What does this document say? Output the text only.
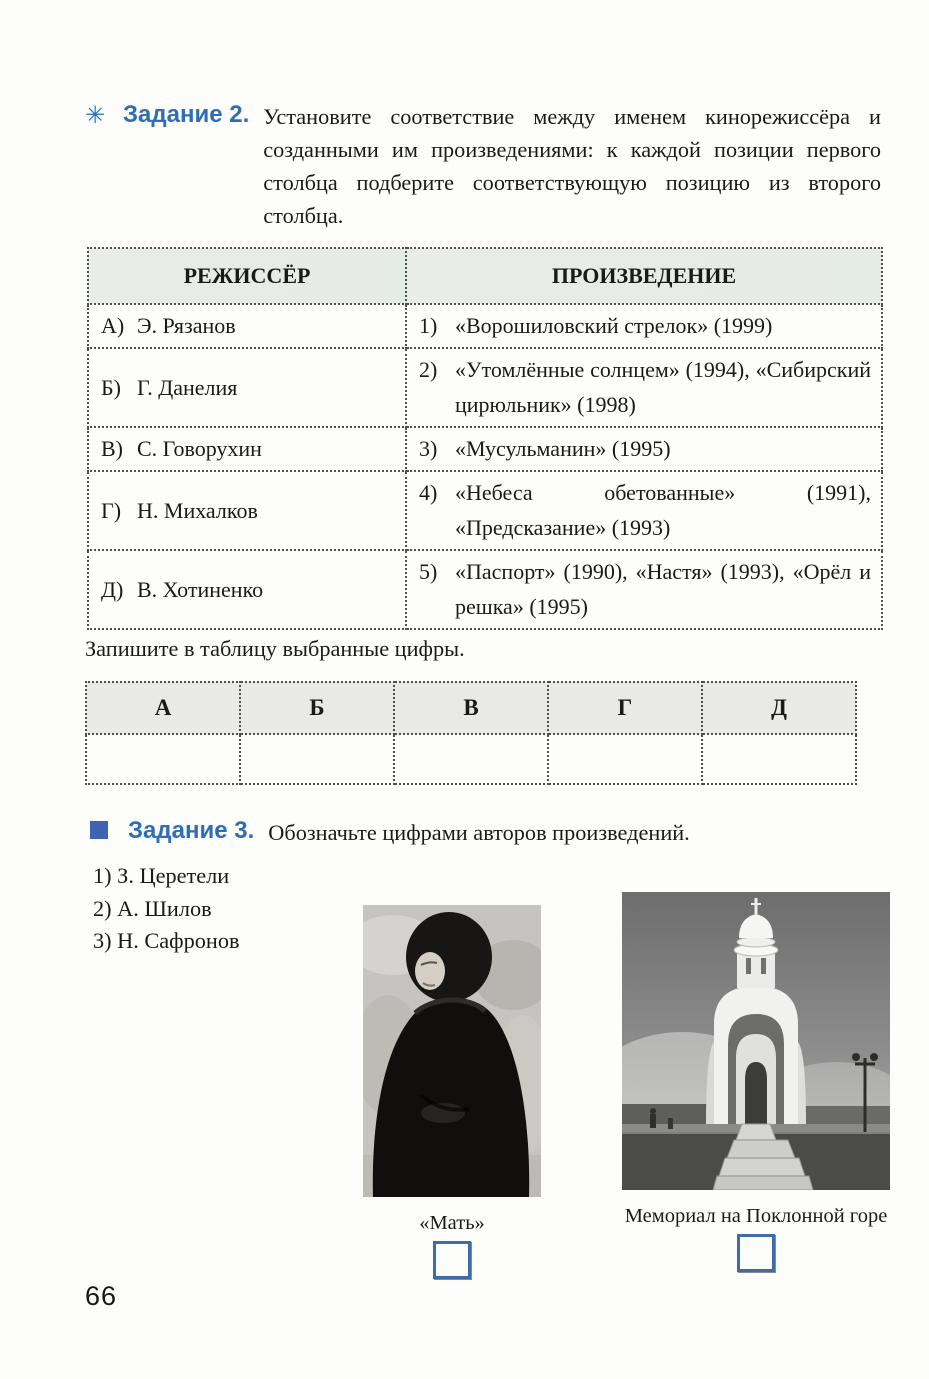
✳ Задание 2. Установите соответствие между именем кинорежиссёра и созданными им произведениями: к каждой позиции первого столбца подберите соответствующую позицию из второго столбца.

РЕЖИССЁР	ПРОИЗВЕДЕНИЕ

А) Э. Рязанов	1) «Ворошиловский стрелок» (1999)

Б) Г. Данелия	2) «Утомлённые солнцем» (1994), «Сибирский цирюльник» (1998)

В) С. Говорухин	3) «Мусульманин» (1995)

Г) Н. Михалков	4) «Небеса обетованные» (1991), «Предсказание» (1993)

Д) В. Хотиненко	5) «Паспорт» (1990), «Настя» (1993), «Орёл и решка» (1995)

Запишите в таблицу выбранные цифры.

А	Б	В	Г	Д

Задание 3. Обозначьте цифрами авторов произведений.

1) З. Церетели
2) А. Шилов
3) Н. Сафронов
«Мать»	Мемориал на Поклонной горе
66
